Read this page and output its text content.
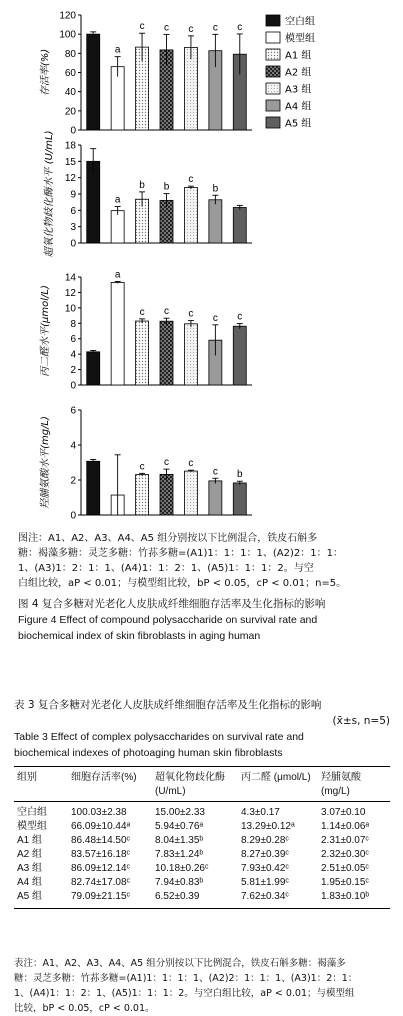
0
20
40
60
80
100
120
存活率(%)	a
c c c c c
0
3
6
9
12
15
18
超氧化物歧化酶水平 (U/mL)	a
b b
c
b
0
2
4
6
8
10
12
14
丙二醛水平(μmol/L)
a
c c c c c
0
2
4
6
羟脯氨酸水平(mg/L)	c c c
c b
空白组
模型组
A1 组
A2 组
A3 组
A4 组
A5 组
图注：A1、A2、A3、A4、A5 组分别按以下比例混合，铁皮石斛多
糖：褐藻多糖：灵芝多糖：竹荪多糖=(A1)1：1：1：1、(A2)2：1：1：
1、(A3)1：2：1：1、(A4)1：1：2：1、(A5)1：1：1：2。与空
白组比较，aP < 0.01；与模型组比较，bP < 0.05，cP < 0.01；n=5。
图 4 复合多糖对光老化人皮肤成纤维细胞存活率及生化指标的影响
Figure 4 Effect of compound polysaccharide on survival rate and
biochemical index of skin fibroblasts in aging human
表 3 复合多糖对光老化人皮肤成纤维细胞存活率及生化指标的影响
(x̄±s, n=5)
Table 3 Effect of complex polysaccharides on survival rate and
biochemical indexes of photoaging human skin fibroblasts
组别	细胞存活率(%)	超氧化物歧化酶(U/mL)	丙二醛 (μmol/L)	羟脯氨酸 (mg/L)
空白组	100.03±2.38	15.00±2.33	4.3±0.17	3.07±0.10
模型组	66.09±10.44ᵃ	5.94±0.76ᵃ	13.29±0.12ᵃ	1.14±0.06ᵃ
A1 组	86.48±14.50ᶜ	8.04±1.35ᵇ	8.29±0.28ᶜ	2.31±0.07ᶜ
A2 组	83.57±16.18ᶜ	7.83±1.24ᵇ	8.27±0.39ᶜ	2.32±0.30ᶜ
A3 组	86.09±12.14ᶜ	10.18±0.26ᶜ	7.93±0.42ᶜ	2.51±0.05ᶜ
A4 组	82.74±17.08ᶜ	7.94±0.83ᵇ	5.81±1.99ᶜ	1.95±0.15ᶜ
A5 组	79.09±21.15ᶜ	6.52±0.39	7.62±0.34ᶜ	1.83±0.10ᵇ
表注：A1、A2、A3、A4、A5 组分别按以下比例混合，铁皮石斛多糖：褐藻多
糖：灵芝多糖：竹荪多糖=(A1)1：1：1：1、(A2)2：1：1：1、(A3)1：2：1：
1、(A4)1：1：2：1、(A5)1：1：1：2。与空白组比较，aP < 0.01；与模型组
比较，bP < 0.05，cP < 0.01。
